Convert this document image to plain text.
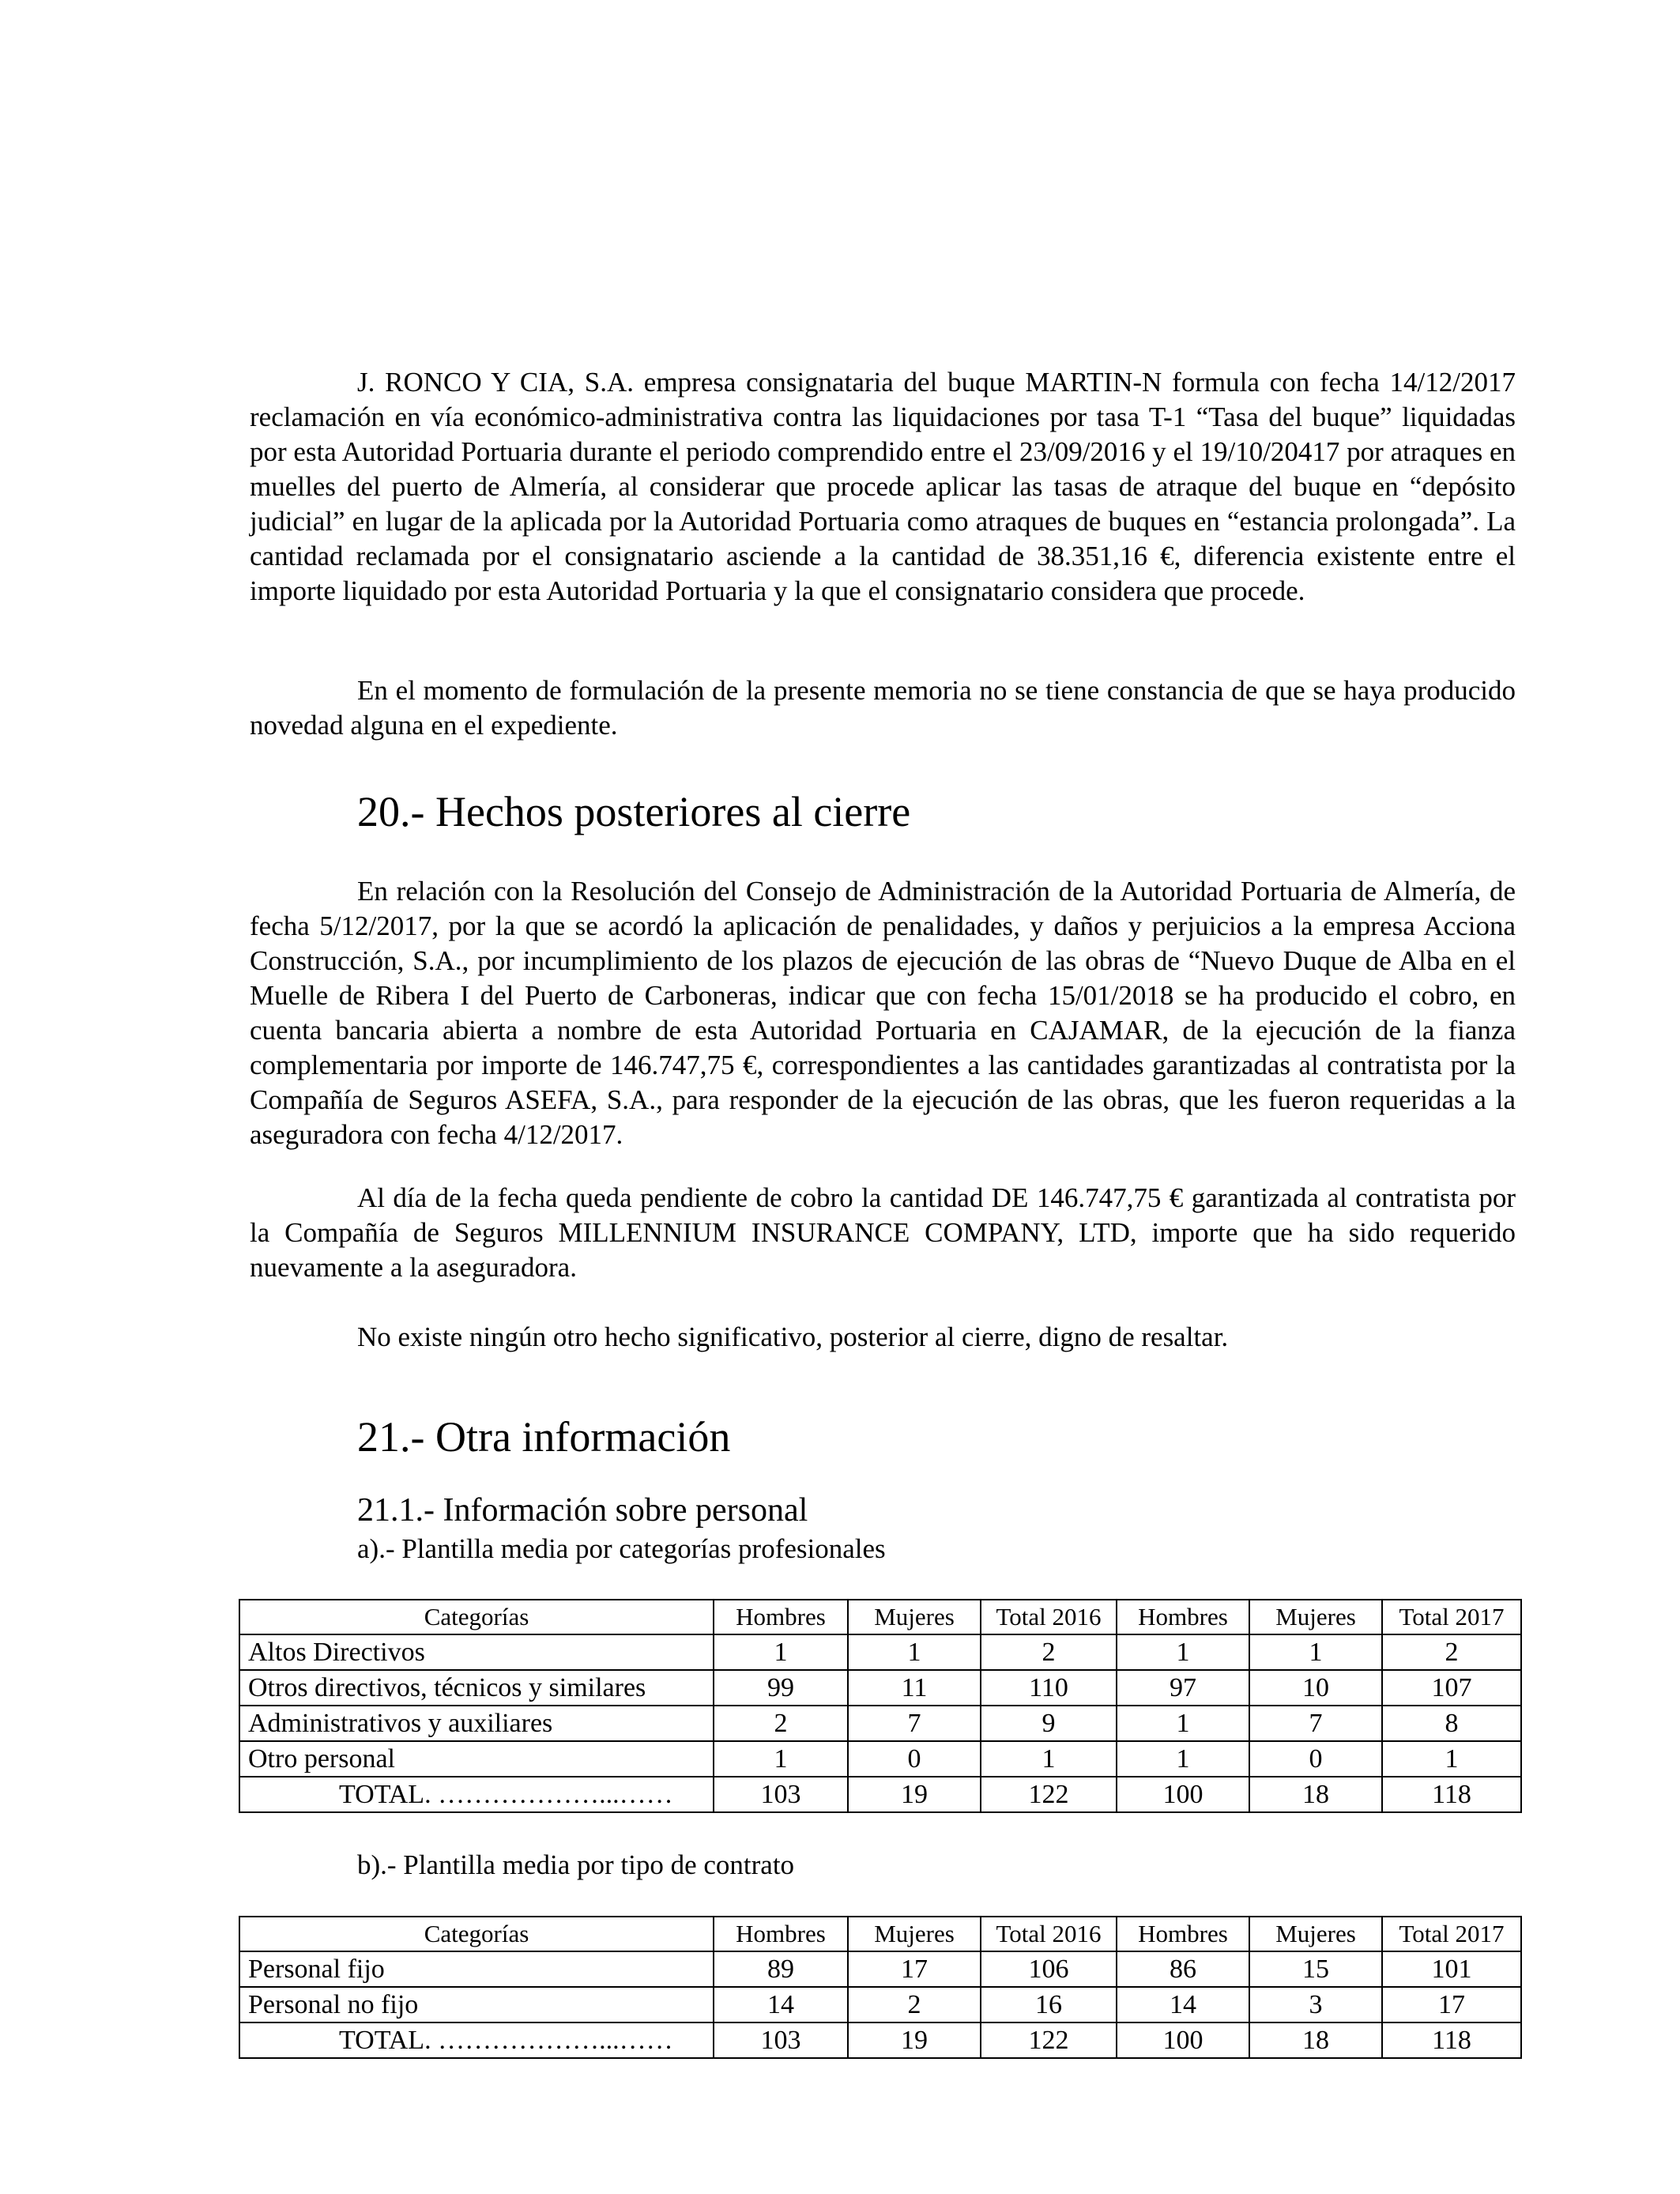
J. RONCO Y CIA, S.A. empresa consignataria del buque MARTIN-N formula con fecha 14/12/2017 reclamación en vía económico-administrativa contra las liquidaciones por tasa T-1 “Tasa del buque” liquidadas por esta Autoridad Portuaria durante el periodo comprendido entre el 23/09/2016 y el 19/10/20417 por atraques en muelles del puerto de Almería, al considerar que procede aplicar las tasas de atraque del buque en “depósito judicial” en lugar de la aplicada por la Autoridad Portuaria como atraques de buques en “estancia prolongada”. La cantidad reclamada por el consignatario asciende a la cantidad de 38.351,16 €, diferencia existente entre el importe liquidado por esta Autoridad Portuaria y la que el consignatario considera que procede.

En el momento de formulación de la presente memoria no se tiene constancia de que se haya producido novedad alguna en el expediente.

20.- Hechos posteriores al cierre

En relación con la Resolución del Consejo de Administración de la Autoridad Portuaria de Almería, de fecha 5/12/2017, por la que se acordó la aplicación de penalidades, y daños y perjuicios a la empresa Acciona Construcción, S.A., por incumplimiento de los plazos de ejecución de las obras de “Nuevo Duque de Alba en el Muelle de Ribera I del Puerto de Carboneras, indicar que con fecha 15/01/2018 se ha producido el cobro, en cuenta bancaria abierta a nombre de esta Autoridad Portuaria en CAJAMAR, de la ejecución de la fianza complementaria por importe de 146.747,75 €, correspondientes a las cantidades garantizadas al contratista por la Compañía de Seguros ASEFA, S.A., para responder de la ejecución de las obras, que les fueron requeridas a la aseguradora con fecha 4/12/2017.

Al día de la fecha queda pendiente de cobro la cantidad DE 146.747,75 € garantizada al contratista por la Compañía de Seguros MILLENNIUM INSURANCE COMPANY, LTD, importe que ha sido requerido nuevamente a la aseguradora.

No existe ningún otro hecho significativo, posterior al cierre, digno de resaltar.

21.- Otra información
21.1.- Información sobre personal

a).- Plantilla media por categorías profesionales

Categorías	Hombres	Mujeres	Total 2016	Hombres	Mujeres	Total 2017
Altos Directivos	1	1	2	1	1	2
Otros directivos, técnicos y similares	99	11	110	97	10	107
Administrativos y auxiliares	2	7	9	1	7	8
Otro personal	1	0	1	1	0	1
TOTAL. ………………...……	103	19	122	100	18	118

b).- Plantilla media por tipo de contrato

Categorías	Hombres	Mujeres	Total 2016	Hombres	Mujeres	Total 2017
Personal fijo	89	17	106	86	15	101
Personal no fijo	14	2	16	14	3	17
TOTAL. ………………...……	103	19	122	100	18	118
